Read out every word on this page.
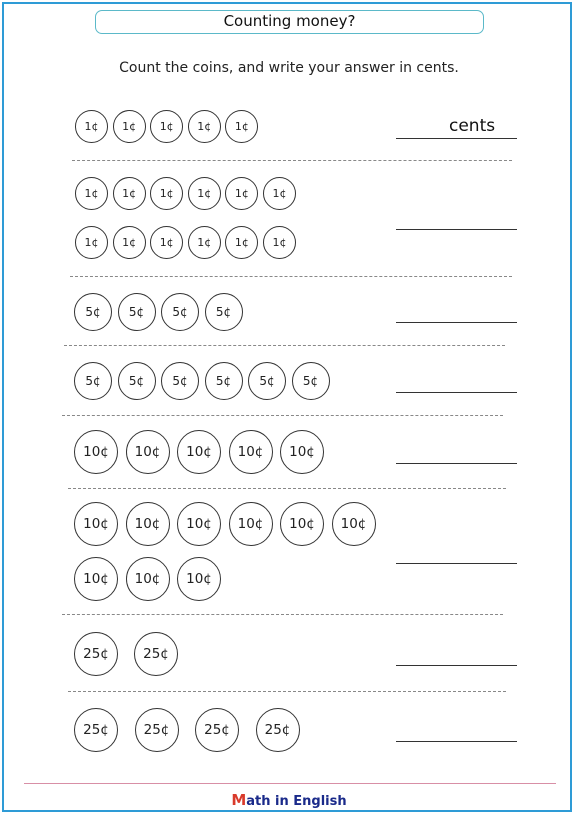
Counting money?
Count the coins, and write your answer in cents.
1¢	1¢	1¢	1¢	1¢	cents
1¢	1¢	1¢	1¢	1¢	1¢
1¢	1¢	1¢	1¢	1¢	1¢
5¢	5¢	5¢	5¢
5¢	5¢	5¢	5¢	5¢	5¢
10¢	10¢	10¢	10¢	10¢
10¢	10¢	10¢	10¢	10¢	10¢
10¢	10¢	10¢
25¢	25¢
25¢	25¢	25¢	25¢
Math in English
